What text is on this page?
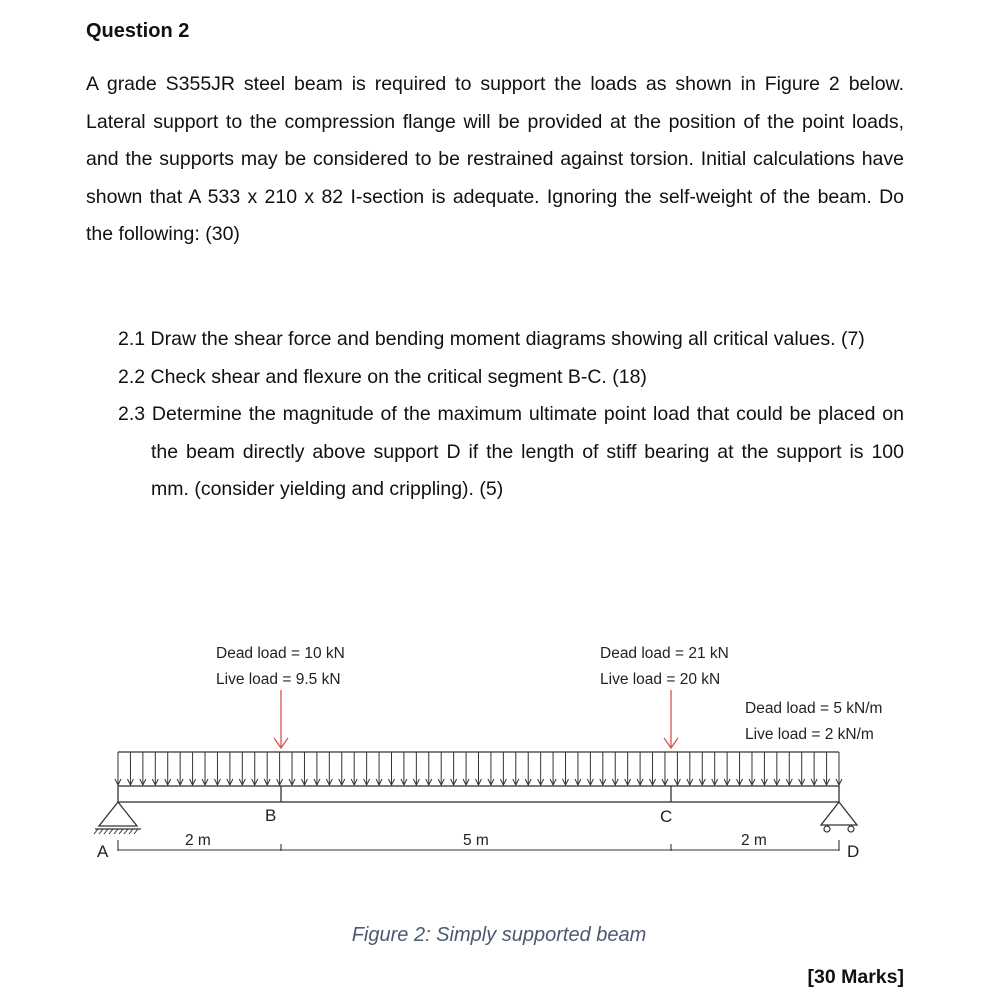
Question 2
A grade S355JR steel beam is required to support the loads as shown in Figure 2 below. Lateral support to the compression flange will be provided at the position of the point loads, and the supports may be considered to be restrained against torsion. Initial calculations have shown that A 533 x 210 x 82 I-section is adequate. Ignoring the self-weight of the beam. Do the following: (30)
2.1 Draw the shear force and bending moment diagrams showing all critical values. (7)
2.2 Check shear and flexure on the critical segment B-C. (18)
2.3 Determine the magnitude of the maximum ultimate point load that could be placed on the beam directly above support D if the length of stiff bearing at the support is 100 mm. (consider yielding and crippling). (5)
Dead load = 10 kN
Live load = 9.5 kN
Dead load = 21 kN
Live load = 20 kN
Dead load = 5 kN/m
Live load = 2 kN/m
A
B	C
D
2 m	5 m	2 m
Figure 2: Simply supported beam
[30 Marks]
